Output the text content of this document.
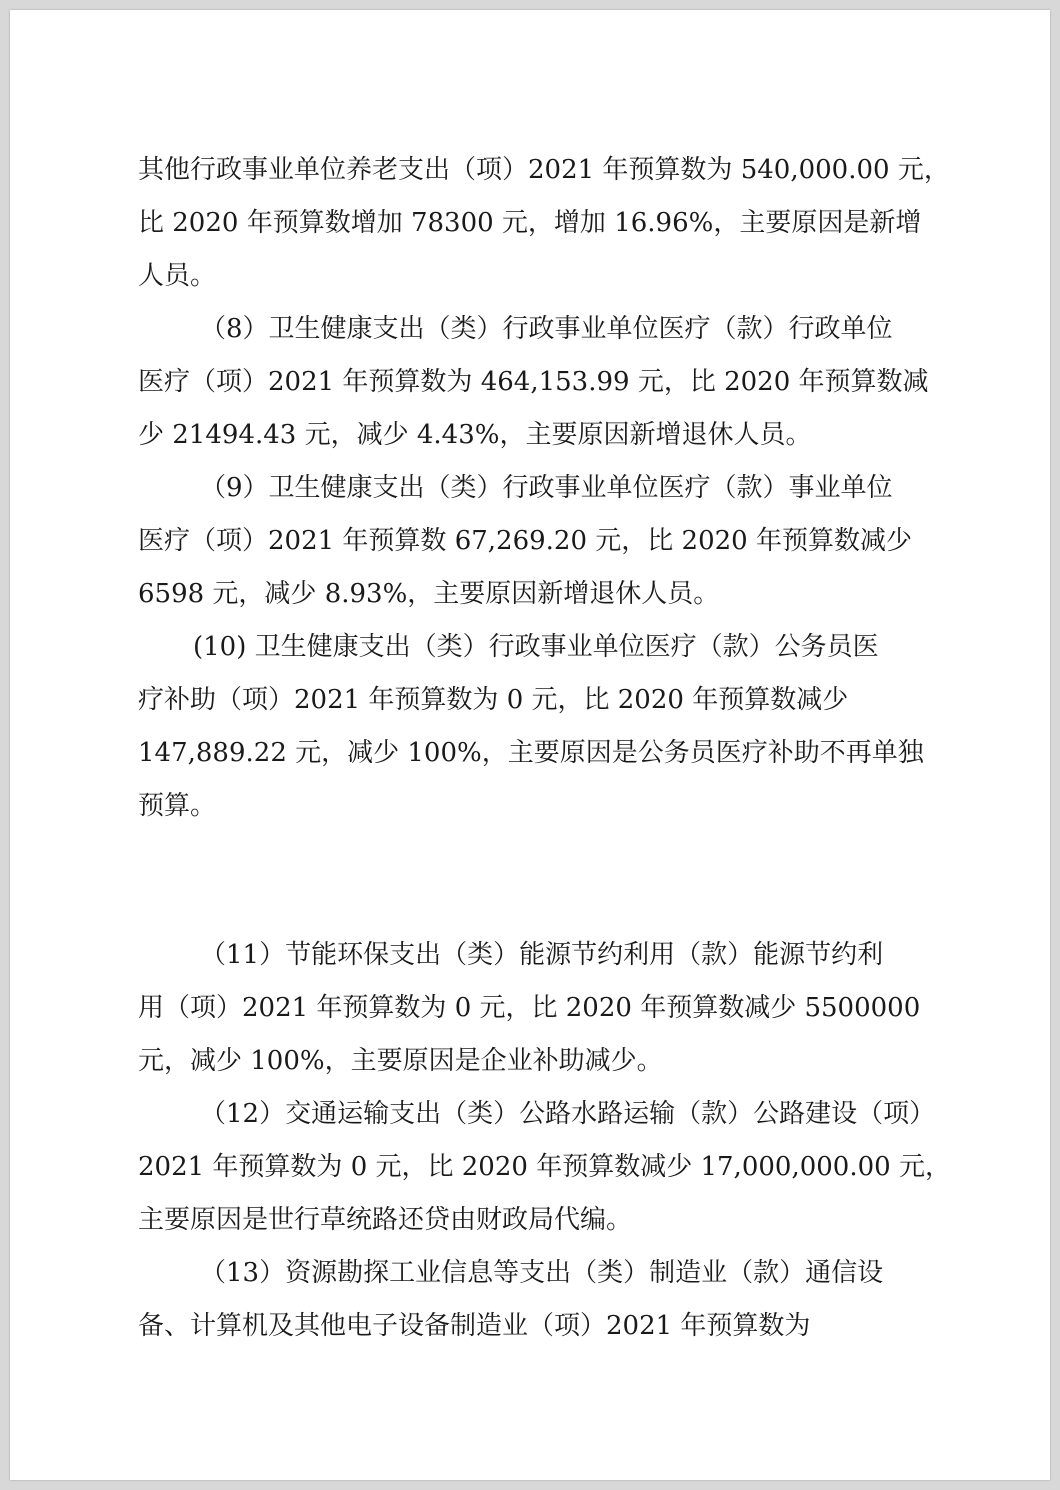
其他行政事业单位养老支出（项）2021 年预算数为 540,000.00 元，
比 2020 年预算数增加 78300 元，增加 16.96%，主要原因是新增
人员。
（8）卫生健康支出（类）行政事业单位医疗（款）行政单位
医疗（项）2021 年预算数为 464,153.99 元，比 2020 年预算数减
少 21494.43 元，减少 4.43%，主要原因新增退休人员。
（9）卫生健康支出（类）行政事业单位医疗（款）事业单位
医疗（项）2021 年预算数 67,269.20 元，比 2020 年预算数减少
6598 元，减少 8.93%，主要原因新增退休人员。
(10) 卫生健康支出（类）行政事业单位医疗（款）公务员医
疗补助（项）2021 年预算数为 0 元，比 2020 年预算数减少
147,889.22 元，减少 100%，主要原因是公务员医疗补助不再单独
预算。
（11）节能环保支出（类）能源节约利用（款）能源节约利
用（项）2021 年预算数为 0 元，比 2020 年预算数减少 5500000
元，减少 100%，主要原因是企业补助减少。
（12）交通运输支出（类）公路水路运输（款）公路建设（项）
2021 年预算数为 0 元，比 2020 年预算数减少 17,000,000.00 元，
主要原因是世行草统路还贷由财政局代编。
（13）资源勘探工业信息等支出（类）制造业（款）通信设
备、计算机及其他电子设备制造业（项）2021 年预算数为
